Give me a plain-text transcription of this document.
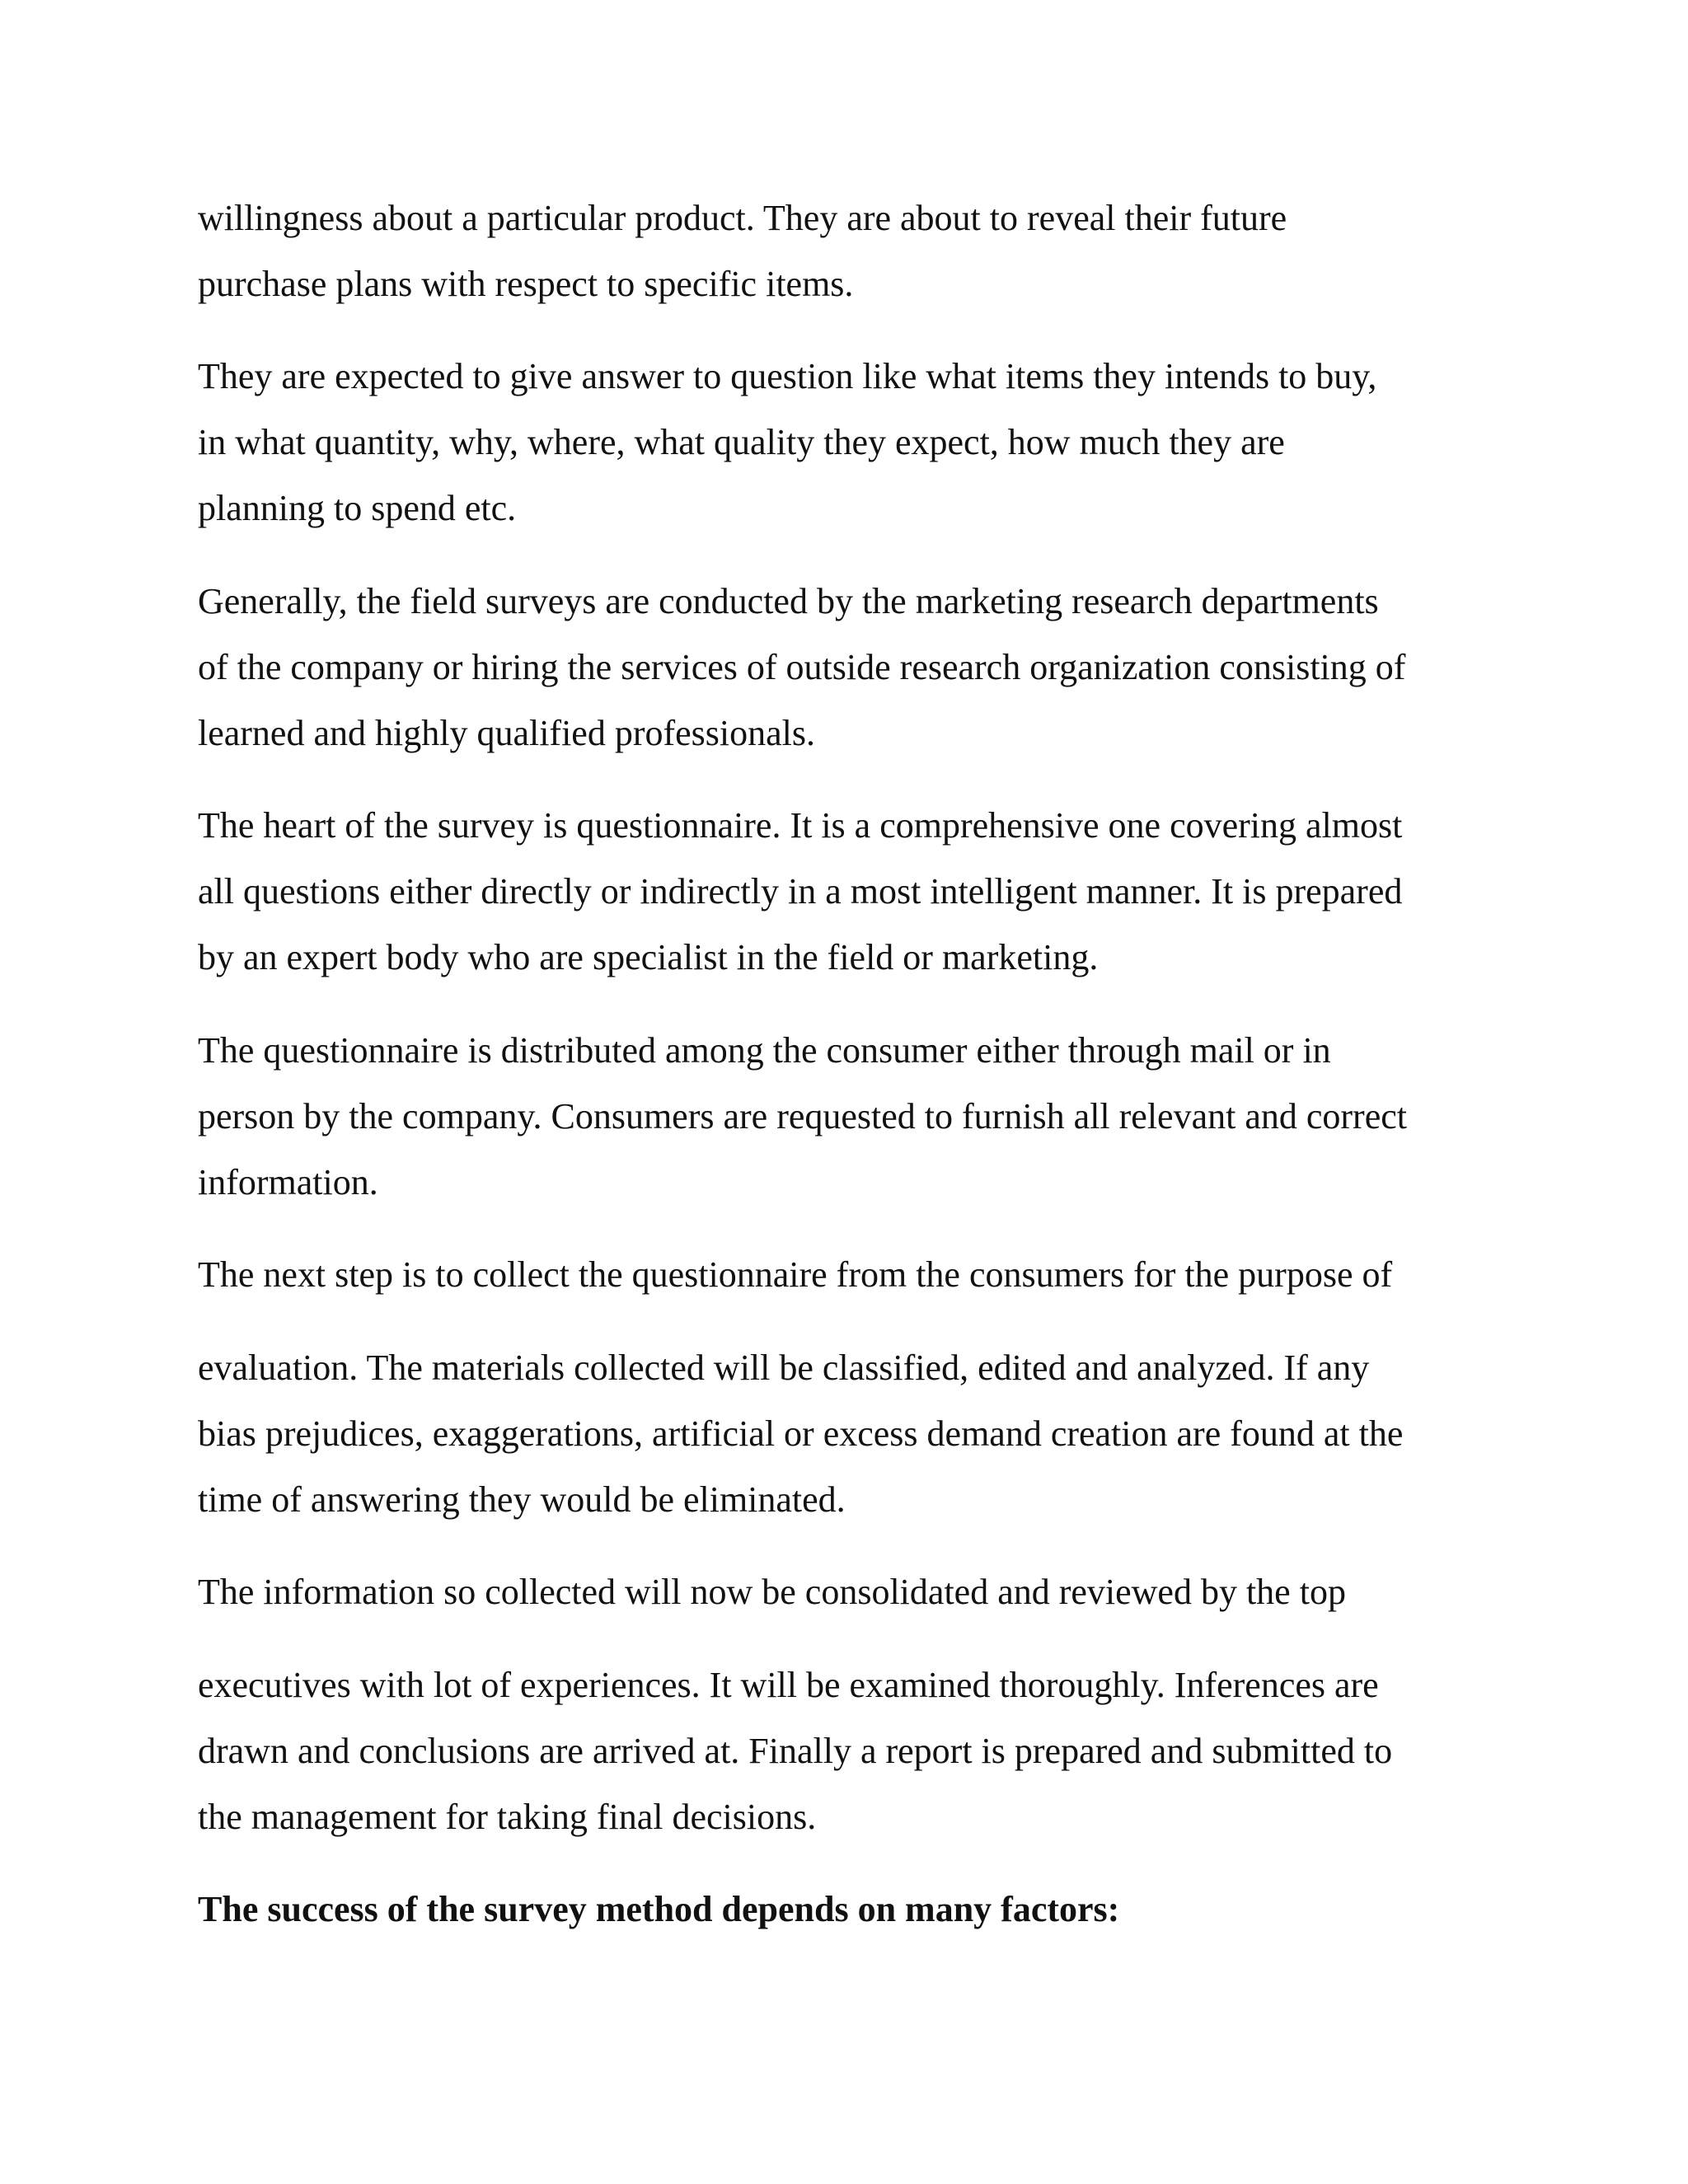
willingness about a particular product. They are about to reveal their future

purchase plans with respect to specific items.

They are expected to give answer to question like what items they intends to buy,

in what quantity, why, where, what quality they expect, how much they are

planning to spend etc.

Generally, the field surveys are conducted by the marketing research departments

of the company or hiring the services of outside research organization consisting of

learned and highly qualified professionals.

The heart of the survey is questionnaire. It is a comprehensive one covering almost

all questions either directly or indirectly in a most intelligent manner. It is prepared

by an expert body who are specialist in the field or marketing.

The questionnaire is distributed among the consumer either through mail or in

person by the company. Consumers are requested to furnish all relevant and correct

information.

The next step is to collect the questionnaire from the consumers for the purpose of

evaluation. The materials collected will be classified, edited and analyzed. If any

bias prejudices, exaggerations, artificial or excess demand creation are found at the

time of answering they would be eliminated.

The information so collected will now be consolidated and reviewed by the top

executives with lot of experiences. It will be examined thoroughly. Inferences are

drawn and conclusions are arrived at. Finally a report is prepared and submitted to

the management for taking final decisions.

The success of the survey method depends on many factors:
